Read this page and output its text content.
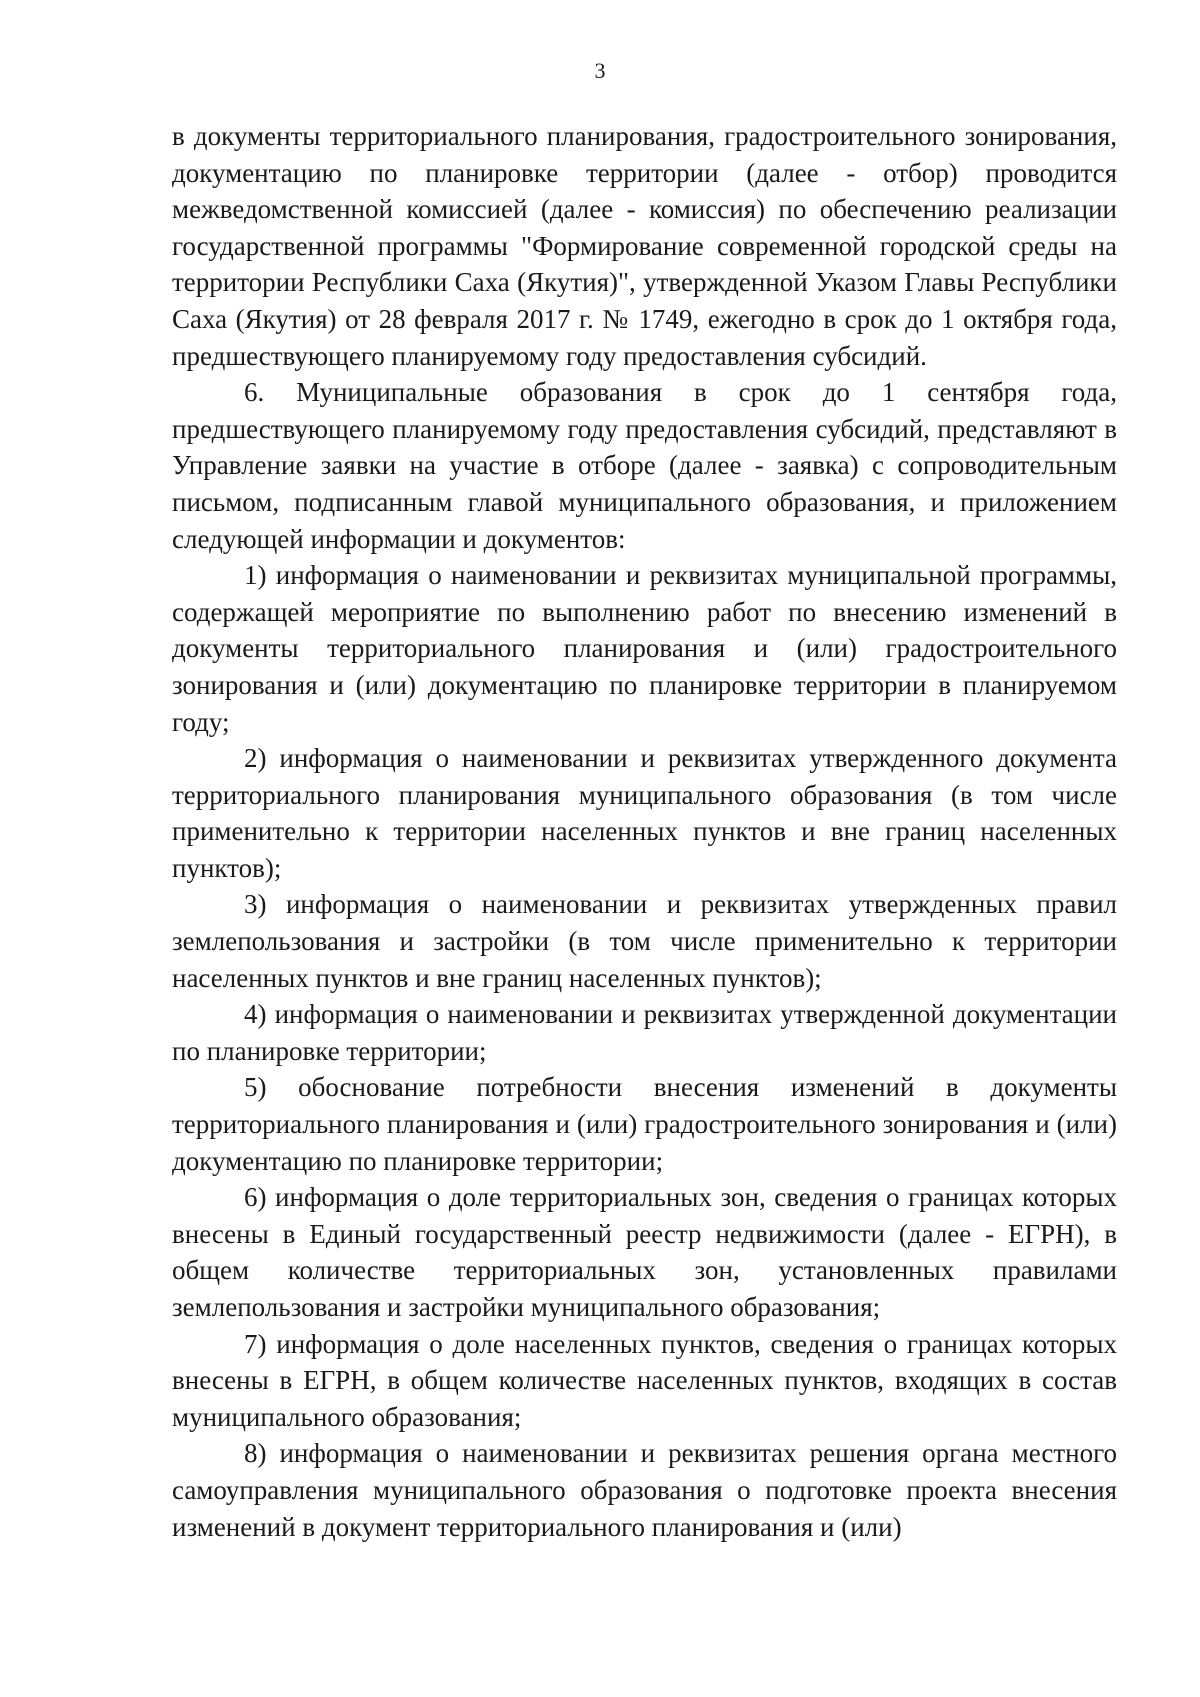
3

в документы территориального планирования, градостроительного зонирования, документацию по планировке территории (далее - отбор) проводится межведомственной комиссией (далее - комиссия) по обеспечению реализации государственной программы "Формирование современной городской среды на территории Республики Саха (Якутия)", утвержденной Указом Главы Республики Саха (Якутия) от 28 февраля 2017 г. № 1749, ежегодно в срок до 1 октября года, предшествующего планируемому году предоставления субсидий.

6. Муниципальные образования в срок до 1 сентября года, предшествующего планируемому году предоставления субсидий, представляют в Управление заявки на участие в отборе (далее - заявка) с сопроводительным письмом, подписанным главой муниципального образования, и приложением следующей информации и документов:

1) информация о наименовании и реквизитах муниципальной программы, содержащей мероприятие по выполнению работ по внесению изменений в документы территориального планирования и (или) градостроительного зонирования и (или) документацию по планировке территории в планируемом году;

2) информация о наименовании и реквизитах утвержденного документа территориального планирования муниципального образования (в том числе применительно к территории населенных пунктов и вне границ населенных пунктов);

3) информация о наименовании и реквизитах утвержденных правил землепользования и застройки (в том числе применительно к территории населенных пунктов и вне границ населенных пунктов);

4) информация о наименовании и реквизитах утвержденной документации по планировке территории;

5) обоснование потребности внесения изменений в документы территориального планирования и (или) градостроительного зонирования и (или) документацию по планировке территории;

6) информация о доле территориальных зон, сведения о границах которых внесены в Единый государственный реестр недвижимости (далее - ЕГРН), в общем количестве территориальных зон, установленных правилами землепользования и застройки муниципального образования;

7) информация о доле населенных пунктов, сведения о границах которых внесены в ЕГРН, в общем количестве населенных пунктов, входящих в состав муниципального образования;

8) информация о наименовании и реквизитах решения органа местного самоуправления муниципального образования о подготовке проекта внесения изменений в документ территориального планирования и (или)
